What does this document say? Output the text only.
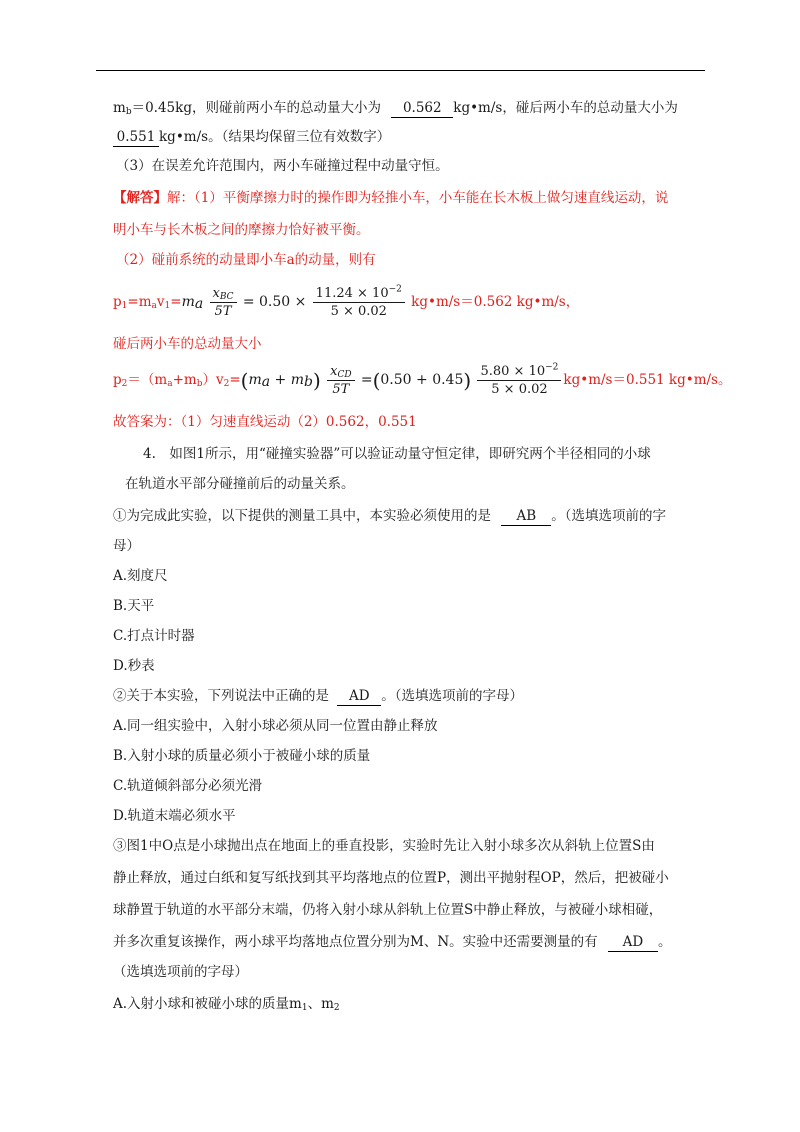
$m_b=0.45kg$，则碰前两小车的总动量大小为 0.562 kg•m/s，碰后两小车的总动量大小为
0.551 kg•m/s。（结果均保留三位有效数字）
（3）在误差允许范围内，两小车碰撞过程中动量守恒。
【解答】解：（1）平衡摩擦力时的操作即为轻推小车，小车能在长木板上做匀速直线运动，说
明小车与长木板之间的摩擦力恰好被平衡。
（2）碰前系统的动量即小车a的动量，则有
$p_1=m_av_1=m_a \frac{x_{BC}}{5T} = 0.50 \times \frac{11.24 \times 10^{-2}}{5 \times 0.02}$ kg•m/s＝0.562 kg•m/s，
碰后两小车的总动量大小
$p_2=(m_a+m_b)v_2=(m_a + m_b) \frac{x_{CD}}{5T} =(0.50 + 0.45) \frac{5.80 \times 10^{-2}}{5 \times 0.02}$ kg•m/s＝0.551 kg•m/s。
故答案为：（1）匀速直线运动（2）0.562，0.551
4.　如图1所示，用“碰撞实验器”可以验证动量守恒定律，即研究两个半径相同的小球
在轨道水平部分碰撞前后的动量关系。
①为完成此实验，以下提供的测量工具中，本实验必须使用的是 AB 。（选填选项前的字
母）
A.刻度尺
B.天平
C.打点计时器
D.秒表
②关于本实验，下列说法中正确的是 AD 。（选填选项前的字母）
A.同一组实验中，入射小球必须从同一位置由静止释放
B.入射小球的质量必须小于被碰小球的质量
C.轨道倾斜部分必须光滑
D.轨道末端必须水平
③图1中O点是小球抛出点在地面上的垂直投影，实验时先让入射小球多次从斜轨上位置S由
静止释放，通过白纸和复写纸找到其平均落地点的位置P，测出平抛射程OP，然后，把被碰小
球静置于轨道的水平部分末端，仍将入射小球从斜轨上位置S中静止释放，与被碰小球相碰，
并多次重复该操作，两小球平均落地点位置分别为M、N。实验中还需要测量的有 AD 。
（选填选项前的字母）
A.入射小球和被碰小球的质量$m_1$、$m_2$
